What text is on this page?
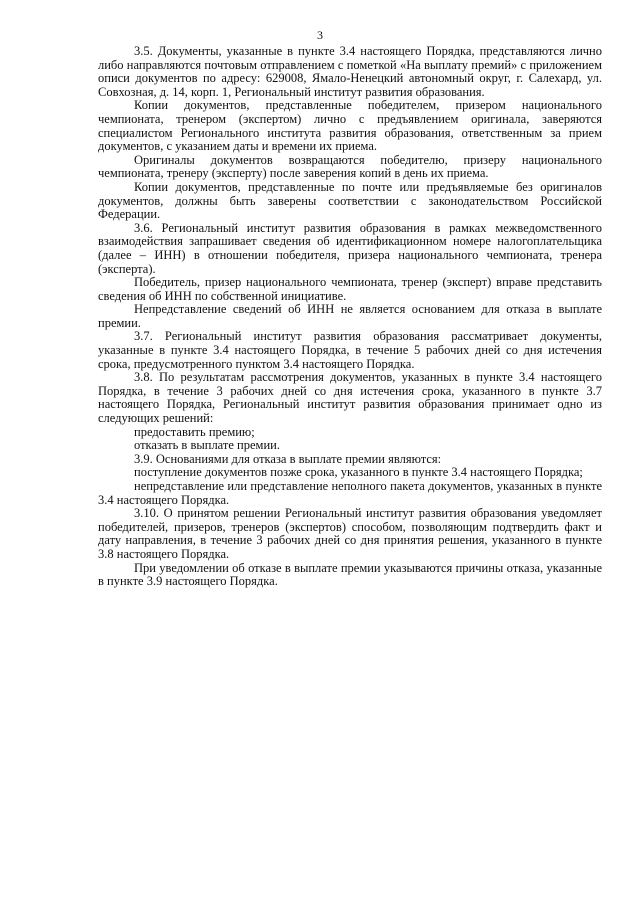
3

3.5. Документы, указанные в пункте 3.4 настоящего Порядка, представляются лично либо направляются почтовым отправлением с пометкой «На выплату премий» с приложением описи документов по адресу: 629008, Ямало-Ненецкий автономный округ, г. Салехард, ул. Совхозная, д. 14, корп. 1, Региональный институт развития образования.

Копии документов, представленные победителем, призером национального чемпионата, тренером (экспертом) лично с предъявлением оригинала, заверяются специалистом Регионального института развития образования, ответственным за прием документов, с указанием даты и времени их приема.

Оригиналы документов возвращаются победителю, призеру национального чемпионата, тренеру (эксперту) после заверения копий в день их приема.

Копии документов, представленные по почте или предъявляемые без оригиналов документов, должны быть заверены соответствии с законодательством Российской Федерации.

3.6. Региональный институт развития образования в рамках межведомственного взаимодействия запрашивает сведения об идентификационном номере налогоплательщика (далее – ИНН) в отношении победителя, призера национального чемпионата, тренера (эксперта).

Победитель, призер национального чемпионата, тренер (эксперт) вправе представить сведения об ИНН по собственной инициативе.

Непредставление сведений об ИНН не является основанием для отказа в выплате премии.

3.7. Региональный институт развития образования рассматривает документы, указанные в пункте 3.4 настоящего Порядка, в течение 5 рабочих дней со дня истечения срока, предусмотренного пунктом 3.4 настоящего Порядка.

3.8. По результатам рассмотрения документов, указанных в пункте 3.4 настоящего Порядка, в течение 3 рабочих дней со дня истечения срока, указанного в пункте 3.7 настоящего Порядка, Региональный институт развития образования принимает одно из следующих решений:

предоставить премию;

отказать в выплате премии.

3.9. Основаниями для отказа в выплате премии являются:

поступление документов позже срока, указанного в пункте 3.4 настоящего Порядка;

непредставление или представление неполного пакета документов, указанных в пункте 3.4 настоящего Порядка.

3.10. О принятом решении Региональный институт развития образования уведомляет победителей, призеров, тренеров (экспертов) способом, позволяющим подтвердить факт и дату направления, в течение 3 рабочих дней со дня принятия решения, указанного в пункте 3.8 настоящего Порядка.

При уведомлении об отказе в выплате премии указываются причины отказа, указанные в пункте 3.9 настоящего Порядка.
